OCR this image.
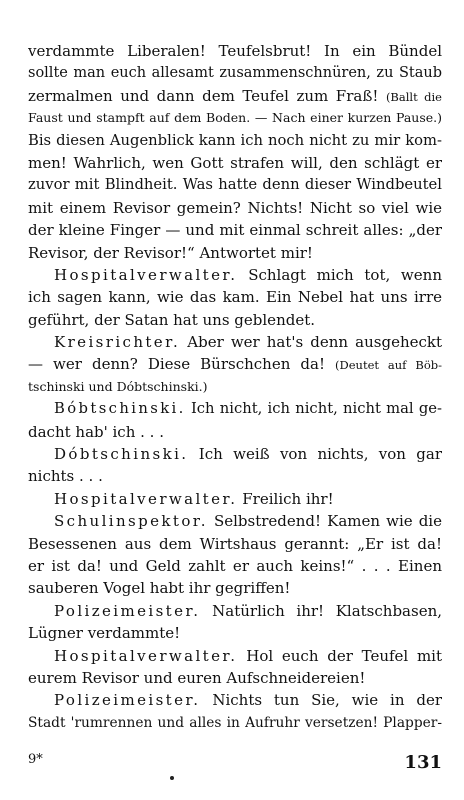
verdammte Liberalen! Teufelsbrut! In ein Bündel
sollte man euch allesamt zusammenschnüren, zu Staub
zermalmen und dann dem Teufel zum Fraß! (Ballt die
Faust und stampft auf dem Boden. — Nach einer kurzen Pause.)
Bis diesen Augenblick kann ich noch nicht zu mir kom-
men! Wahrlich, wen Gott strafen will, den schlägt er
zuvor mit Blindheit. Was hatte denn dieser Windbeutel
mit einem Revisor gemein? Nichts! Nicht so viel wie
der kleine Finger — und mit einmal schreit alles: „der
Revisor, der Revisor!“ Antwortet mir!
Hospitalverwalter. Schlagt mich tot, wenn
ich sagen kann, wie das kam. Ein Nebel hat uns irre
geführt, der Satan hat uns geblendet.
Kreisrichter. Aber wer hat's denn ausgeheckt
— wer denn? Diese Bürschchen da! (Deutet auf Böb-
tschinski und Dóbtschinski.)
Bóbtschinski. Ich nicht, ich nicht, nicht mal ge-
dacht hab' ich . . .
Dóbtschinski. Ich weiß von nichts, von gar
nichts . . .
Hospitalverwalter. Freilich ihr!
Schulinspektor. Selbstredend! Kamen wie die
Besessenen aus dem Wirtshaus gerannt: „Er ist da!
er ist da! und Geld zahlt er auch keins!“ . . . Einen
sauberen Vogel habt ihr gegriffen!
Polizeimeister. Natürlich ihr! Klatschbasen,
Lügner verdammte!
Hospitalverwalter. Hol euch der Teufel mit
eurem Revisor und euren Aufschneidereien!
Polizeimeister. Nichts tun Sie, wie in der
Stadt 'rumrennen und alles in Aufruhr versetzen! Plapper-
9*	131
